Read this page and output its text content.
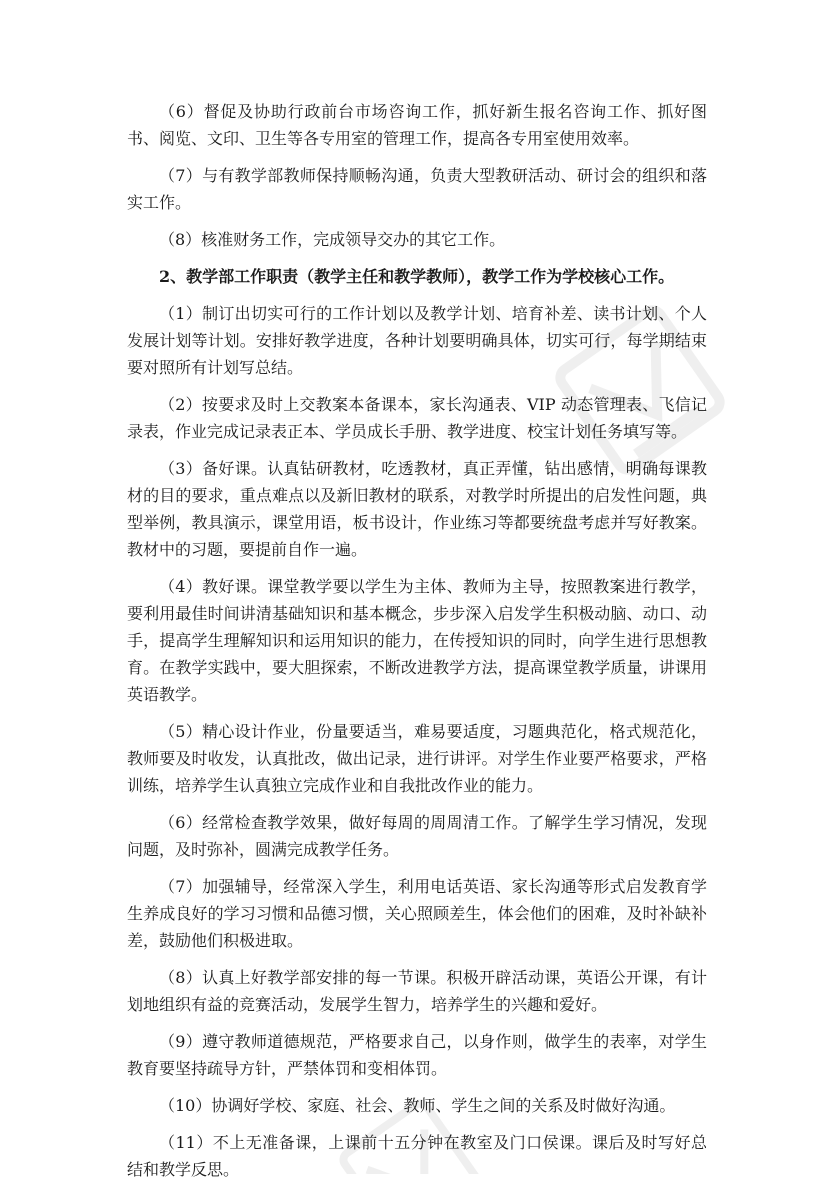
（6）督促及协助行政前台市场咨询工作，抓好新生报名咨询工作、抓好图书、阅览、文印、卫生等各专用室的管理工作，提高各专用室使用效率。

（7）与有教学部教师保持顺畅沟通，负责大型教研活动、研讨会的组织和落实工作。

（8）核准财务工作，完成领导交办的其它工作。

2、教学部工作职责（教学主任和教学教师），教学工作为学校核心工作。

（1）制订出切实可行的工作计划以及教学计划、培育补差、读书计划、个人发展计划等计划。安排好教学进度，各种计划要明确具体，切实可行，每学期结束要对照所有计划写总结。

（2）按要求及时上交教案本备课本，家长沟通表、VIP 动态管理表、飞信记录表，作业完成记录表正本、学员成长手册、教学进度、校宝计划任务填写等。

（3）备好课。认真钻研教材，吃透教材，真正弄懂，钻出感情，明确每课教材的目的要求，重点难点以及新旧教材的联系，对教学时所提出的启发性问题，典型举例，教具演示，课堂用语，板书设计，作业练习等都要统盘考虑并写好教案。教材中的习题，要提前自作一遍。

（4）教好课。课堂教学要以学生为主体、教师为主导，按照教案进行教学，要利用最佳时间讲清基础知识和基本概念，步步深入启发学生积极动脑、动口、动手，提高学生理解知识和运用知识的能力，在传授知识的同时，向学生进行思想教育。在教学实践中，要大胆探索，不断改进教学方法，提高课堂教学质量，讲课用英语教学。

（5）精心设计作业，份量要适当，难易要适度，习题典范化，格式规范化，教师要及时收发，认真批改，做出记录，进行讲评。对学生作业要严格要求，严格训练，培养学生认真独立完成作业和自我批改作业的能力。

（6）经常检查教学效果，做好每周的周周清工作。了解学生学习情况，发现问题，及时弥补，圆满完成教学任务。

（7）加强辅导，经常深入学生，利用电话英语、家长沟通等形式启发教育学生养成良好的学习习惯和品德习惯，关心照顾差生，体会他们的困难，及时补缺补差，鼓励他们积极进取。

（8）认真上好教学部安排的每一节课。积极开辟活动课，英语公开课，有计划地组织有益的竞赛活动，发展学生智力，培养学生的兴趣和爱好。

（9）遵守教师道德规范，严格要求自己，以身作则，做学生的表率，对学生教育要坚持疏导方针，严禁体罚和变相体罚。

（10）协调好学校、家庭、社会、教师、学生之间的关系及时做好沟通。

（11）不上无准备课，上课前十五分钟在教室及门口侯课。课后及时写好总结和教学反思。
